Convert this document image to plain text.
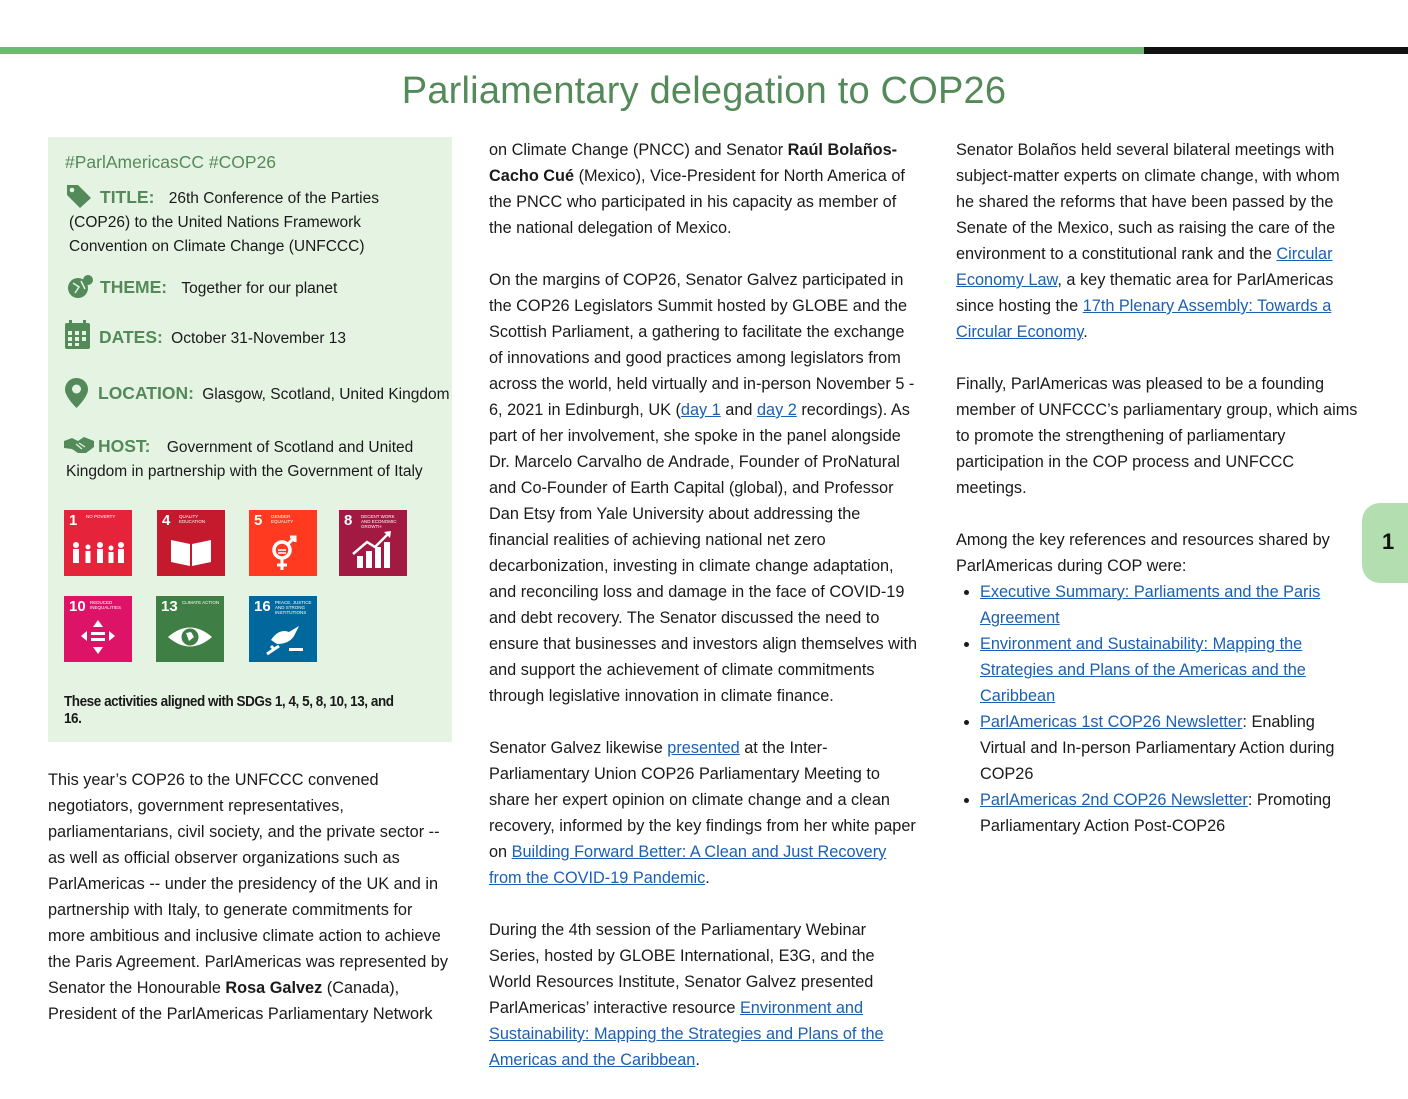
Parliamentary delegation to COP26
#ParlAmericasCC #COP26
TITLE: 26th Conference of the Parties (COP26) to the United Nations Framework Convention on Climate Change (UNFCCC)
THEME: Together for our planet
DATES: October 31-November 13
LOCATION: Glasgow, Scotland, United Kingdom
HOST: Government of Scotland and United Kingdom in partnership with the Government of Italy
1 NO POVERTY	4 QUALITY EDUCATION	5 GENDER EQUALITY	8 DECENT WORK AND ECONOMIC GROWTH
10 REDUCED INEQUALITIES	13 CLIMATE ACTION	16 PEACE, JUSTICE AND STRONG INSTITUTIONS
These activities aligned with SDGs 1, 4, 5, 8, 10, 13, and 16.

This year’s COP26 to the UNFCCC convened negotiators, government representatives, parliamentarians, civil society, and the private sector -- as well as official observer organizations such as ParlAmericas -- under the presidency of the UK and in partnership with Italy, to generate commitments for more ambitious and inclusive climate action to achieve the Paris Agreement. ParlAmericas was represented by Senator the Honourable Rosa Galvez (Canada), President of the ParlAmericas Parliamentary Network

on Climate Change (PNCC) and Senator Raúl Bolaños-Cacho Cué (Mexico), Vice-President for North America of the PNCC who participated in his capacity as member of the national delegation of Mexico.

On the margins of COP26, Senator Galvez participated in the COP26 Legislators Summit hosted by GLOBE and the Scottish Parliament, a gathering to facilitate the exchange of innovations and good practices among legislators from across the world, held virtually and in-person November 5 - 6, 2021 in Edinburgh, UK (day 1 and day 2 recordings). As part of her involvement, she spoke in the panel alongside Dr. Marcelo Carvalho de Andrade, Founder of ProNatural and Co-Founder of Earth Capital (global), and Professor Dan Etsy from Yale University about addressing the financial realities of achieving national net zero decarbonization, investing in climate change adaptation, and reconciling loss and damage in the face of COVID-19 and debt recovery. The Senator discussed the need to ensure that businesses and investors align themselves with and support the achievement of climate commitments through legislative innovation in climate finance.

Senator Galvez likewise presented at the Inter-Parliamentary Union COP26 Parliamentary Meeting to share her expert opinion on climate change and a clean recovery, informed by the key findings from her white paper on Building Forward Better: A Clean and Just Recovery from the COVID-19 Pandemic.

During the 4th session of the Parliamentary Webinar Series, hosted by GLOBE International, E3G, and the World Resources Institute, Senator Galvez presented ParlAmericas’ interactive resource Environment and Sustainability: Mapping the Strategies and Plans of the Americas and the Caribbean.

Senator Bolaños held several bilateral meetings with subject-matter experts on climate change, with whom he shared the reforms that have been passed by the Senate of the Mexico, such as raising the care of the environment to a constitutional rank and the Circular Economy Law, a key thematic area for ParlAmericas since hosting the 17th Plenary Assembly: Towards a Circular Economy.

Finally, ParlAmericas was pleased to be a founding member of UNFCCC’s parliamentary group, which aims to promote the strengthening of parliamentary participation in the COP process and UNFCCC meetings.

Among the key references and resources shared by ParlAmericas during COP were:
• Executive Summary: Parliaments and the Paris Agreement
• Environment and Sustainability: Mapping the Strategies and Plans of the Americas and the Caribbean
• ParlAmericas 1st COP26 Newsletter: Enabling Virtual and In-person Parliamentary Action during COP26
• ParlAmericas 2nd COP26 Newsletter: Promoting Parliamentary Action Post-COP26
1
